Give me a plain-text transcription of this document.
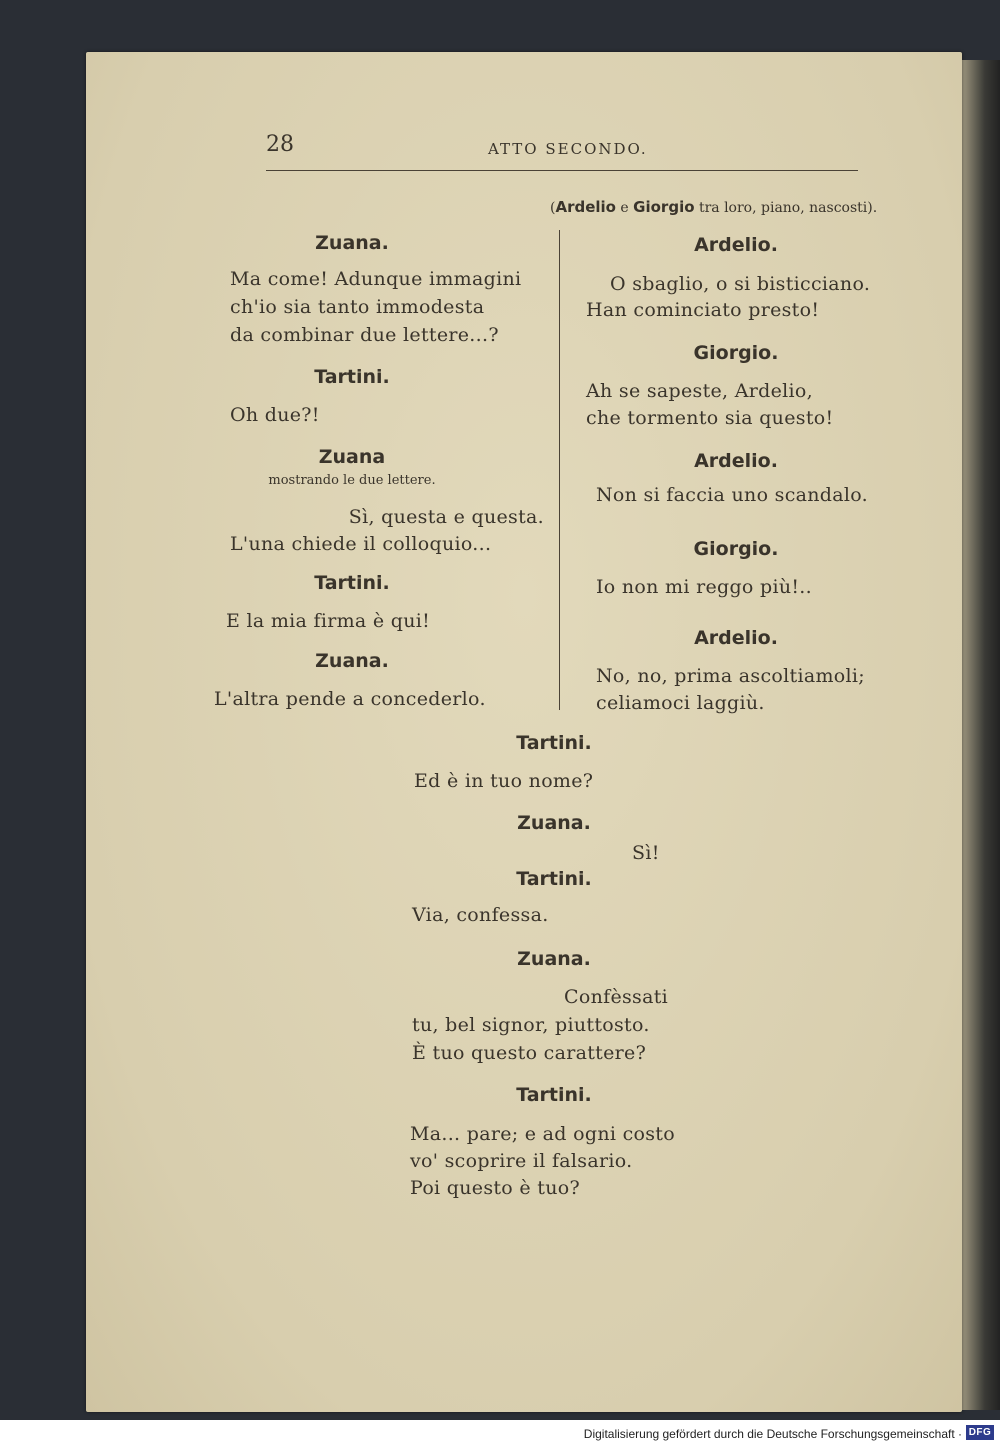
28	ATTO SECONDO.
(Ardelio e Giorgio tra loro, piano, nascosti).
Zuana.
Ma come! Adunque immagini
ch'io sia tanto immodesta
da combinar due lettere...?
Tartini.
Oh due?!
Zuana
mostrando le due lettere.
Sì, questa e questa.
L'una chiede il colloquio...
Tartini.
E la mia firma è qui!
Zuana.
L'altra pende a concederlo.
Ardelio.
O sbaglio, o si bisticciano.
Han cominciato presto!
Giorgio.
Ah se sapeste, Ardelio,
che tormento sia questo!
Ardelio.
Non si faccia uno scandalo.
Giorgio.
Io non mi reggo più!..
Ardelio.
No, no, prima ascoltiamoli;
celiamoci laggiù.
Tartini.
Ed è in tuo nome?
Zuana.
Sì!
Tartini.
Via, confessa.
Zuana.
Confèssati
tu, bel signor, piuttosto.
È tuo questo carattere?
Tartini.
Ma... pare; e ad ogni costo
vo' scoprire il falsario.
Poi questo è tuo?
Digitalisierung gefördert durch die Deutsche Forschungsgemeinschaft · DFG
